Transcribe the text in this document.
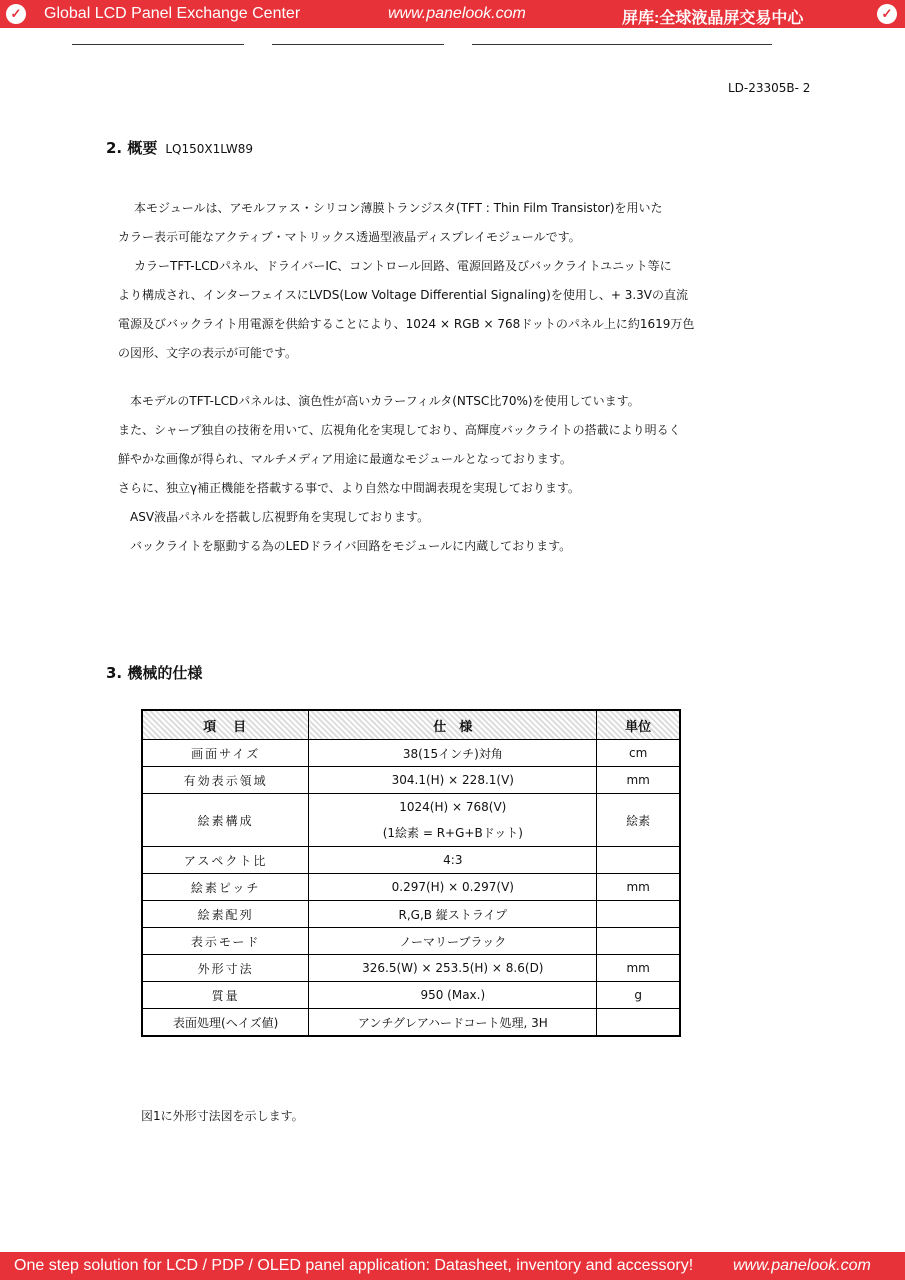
✓ Global LCD Panel Exchange Center	www.panelook.com	屏库:全球液晶屏交易中心	✓
LD-23305B- 2
2. 概要 LQ150X1LW89
本モジュールは、アモルファス・シリコン薄膜トランジスタ(TFT : Thin Film Transistor)を用いた
カラー表示可能なアクティブ・マトリックス透過型液晶ディスプレイモジュールです。
カラーTFT-LCDパネル、ドライバーIC、コントロール回路、電源回路及びバックライトユニット等に
より構成され、インターフェイスにLVDS(Low Voltage Differential Signaling)を使用し、+ 3.3Vの直流
電源及びバックライト用電源を供給することにより、1024 × RGB × 768ドットのパネル上に約1619万色
の図形、文字の表示が可能です。
本モデルのTFT-LCDパネルは、演色性が高いカラーフィルタ(NTSC比70%)を使用しています。
また、シャープ独自の技術を用いて、広視角化を実現しており、高輝度バックライトの搭載により明るく
鮮やかな画像が得られ、マルチメディア用途に最適なモジュールとなっております。
さらに、独立γ補正機能を搭載する事で、より自然な中間調表現を実現しております。
ASV液晶パネルを搭載し広視野角を実現しております。
バックライトを駆動する為のLEDドライバ回路をモジュールに内蔵しております。
3. 機械的仕様
項　目	仕　様	単位
画面サイズ	38(15インチ)対角	cm
有効表示領域	304.1(H) × 228.1(V)	mm
絵素構成	1024(H) × 768(V)
(1絵素 = R+G+Bドット)	絵素
アスペクト比	4:3	
絵素ピッチ	0.297(H) × 0.297(V)	mm
絵素配列	R,G,B 縦ストライプ	
表示モード	ノーマリーブラック	
外形寸法	326.5(W) × 253.5(H) × 8.6(D)	mm
質量	950 (Max.)	g
表面処理(ヘイズ値)	アンチグレアハードコート処理, 3H	
図1に外形寸法図を示します。
One step solution for LCD / PDP / OLED panel application: Datasheet, inventory and accessory! www.panelook.com
